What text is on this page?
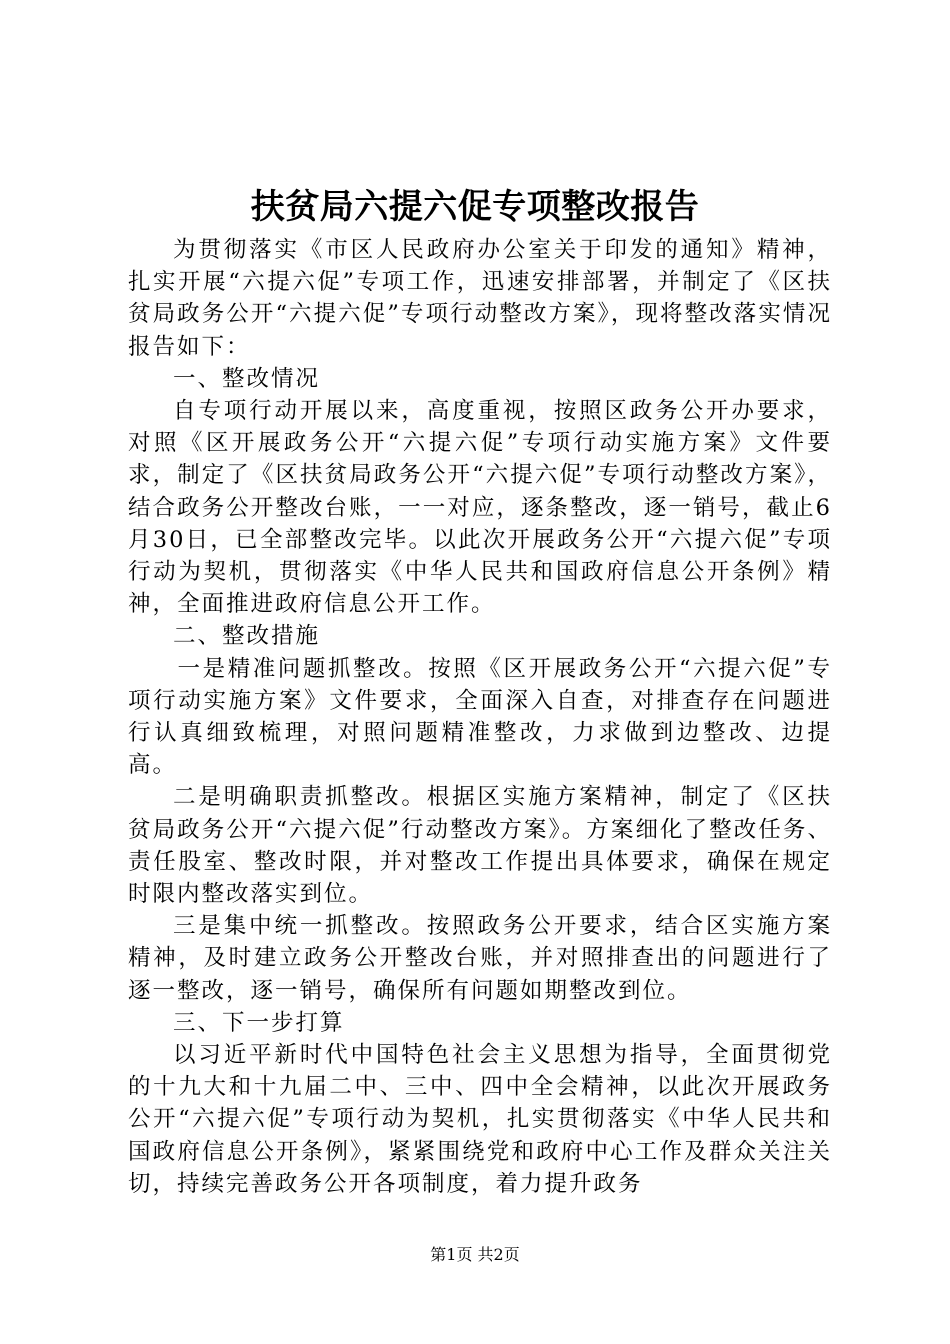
扶贫局六提六促专项整改报告

为贯彻落实《市区人民政府办公室关于印发的通知》精神，扎实开展“六提六促”专项工作，迅速安排部署，并制定了《区扶贫局政务公开“六提六促”专项行动整改方案》，现将整改落实情况报告如下：

一、整改情况

自专项行动开展以来，高度重视，按照区政务公开办要求，对照《区开展政务公开“六提六促”专项行动实施方案》文件要求，制定了《区扶贫局政务公开“六提六促”专项行动整改方案》，结合政务公开整改台账，一一对应，逐条整改，逐一销号，截止6月30日，已全部整改完毕。以此次开展政务公开“六提六促”专项行动为契机，贯彻落实《中华人民共和国政府信息公开条例》精神，全面推进政府信息公开工作。

二、整改措施

一是精准问题抓整改。按照《区开展政务公开“六提六促”专项行动实施方案》文件要求，全面深入自查，对排查存在问题进行认真细致梳理，对照问题精准整改，力求做到边整改、边提高。

二是明确职责抓整改。根据区实施方案精神，制定了《区扶贫局政务公开“六提六促”行动整改方案》。方案细化了整改任务、责任股室、整改时限，并对整改工作提出具体要求，确保在规定时限内整改落实到位。

三是集中统一抓整改。按照政务公开要求，结合区实施方案精神，及时建立政务公开整改台账，并对照排查出的问题进行了逐一整改，逐一销号，确保所有问题如期整改到位。

三、下一步打算

以习近平新时代中国特色社会主义思想为指导，全面贯彻党的十九大和十九届二中、三中、四中全会精神，以此次开展政务公开“六提六促”专项行动为契机，扎实贯彻落实《中华人民共和国政府信息公开条例》，紧紧围绕党和政府中心工作及群众关注关切，持续完善政务公开各项制度，着力提升政务

第1页 共2页
